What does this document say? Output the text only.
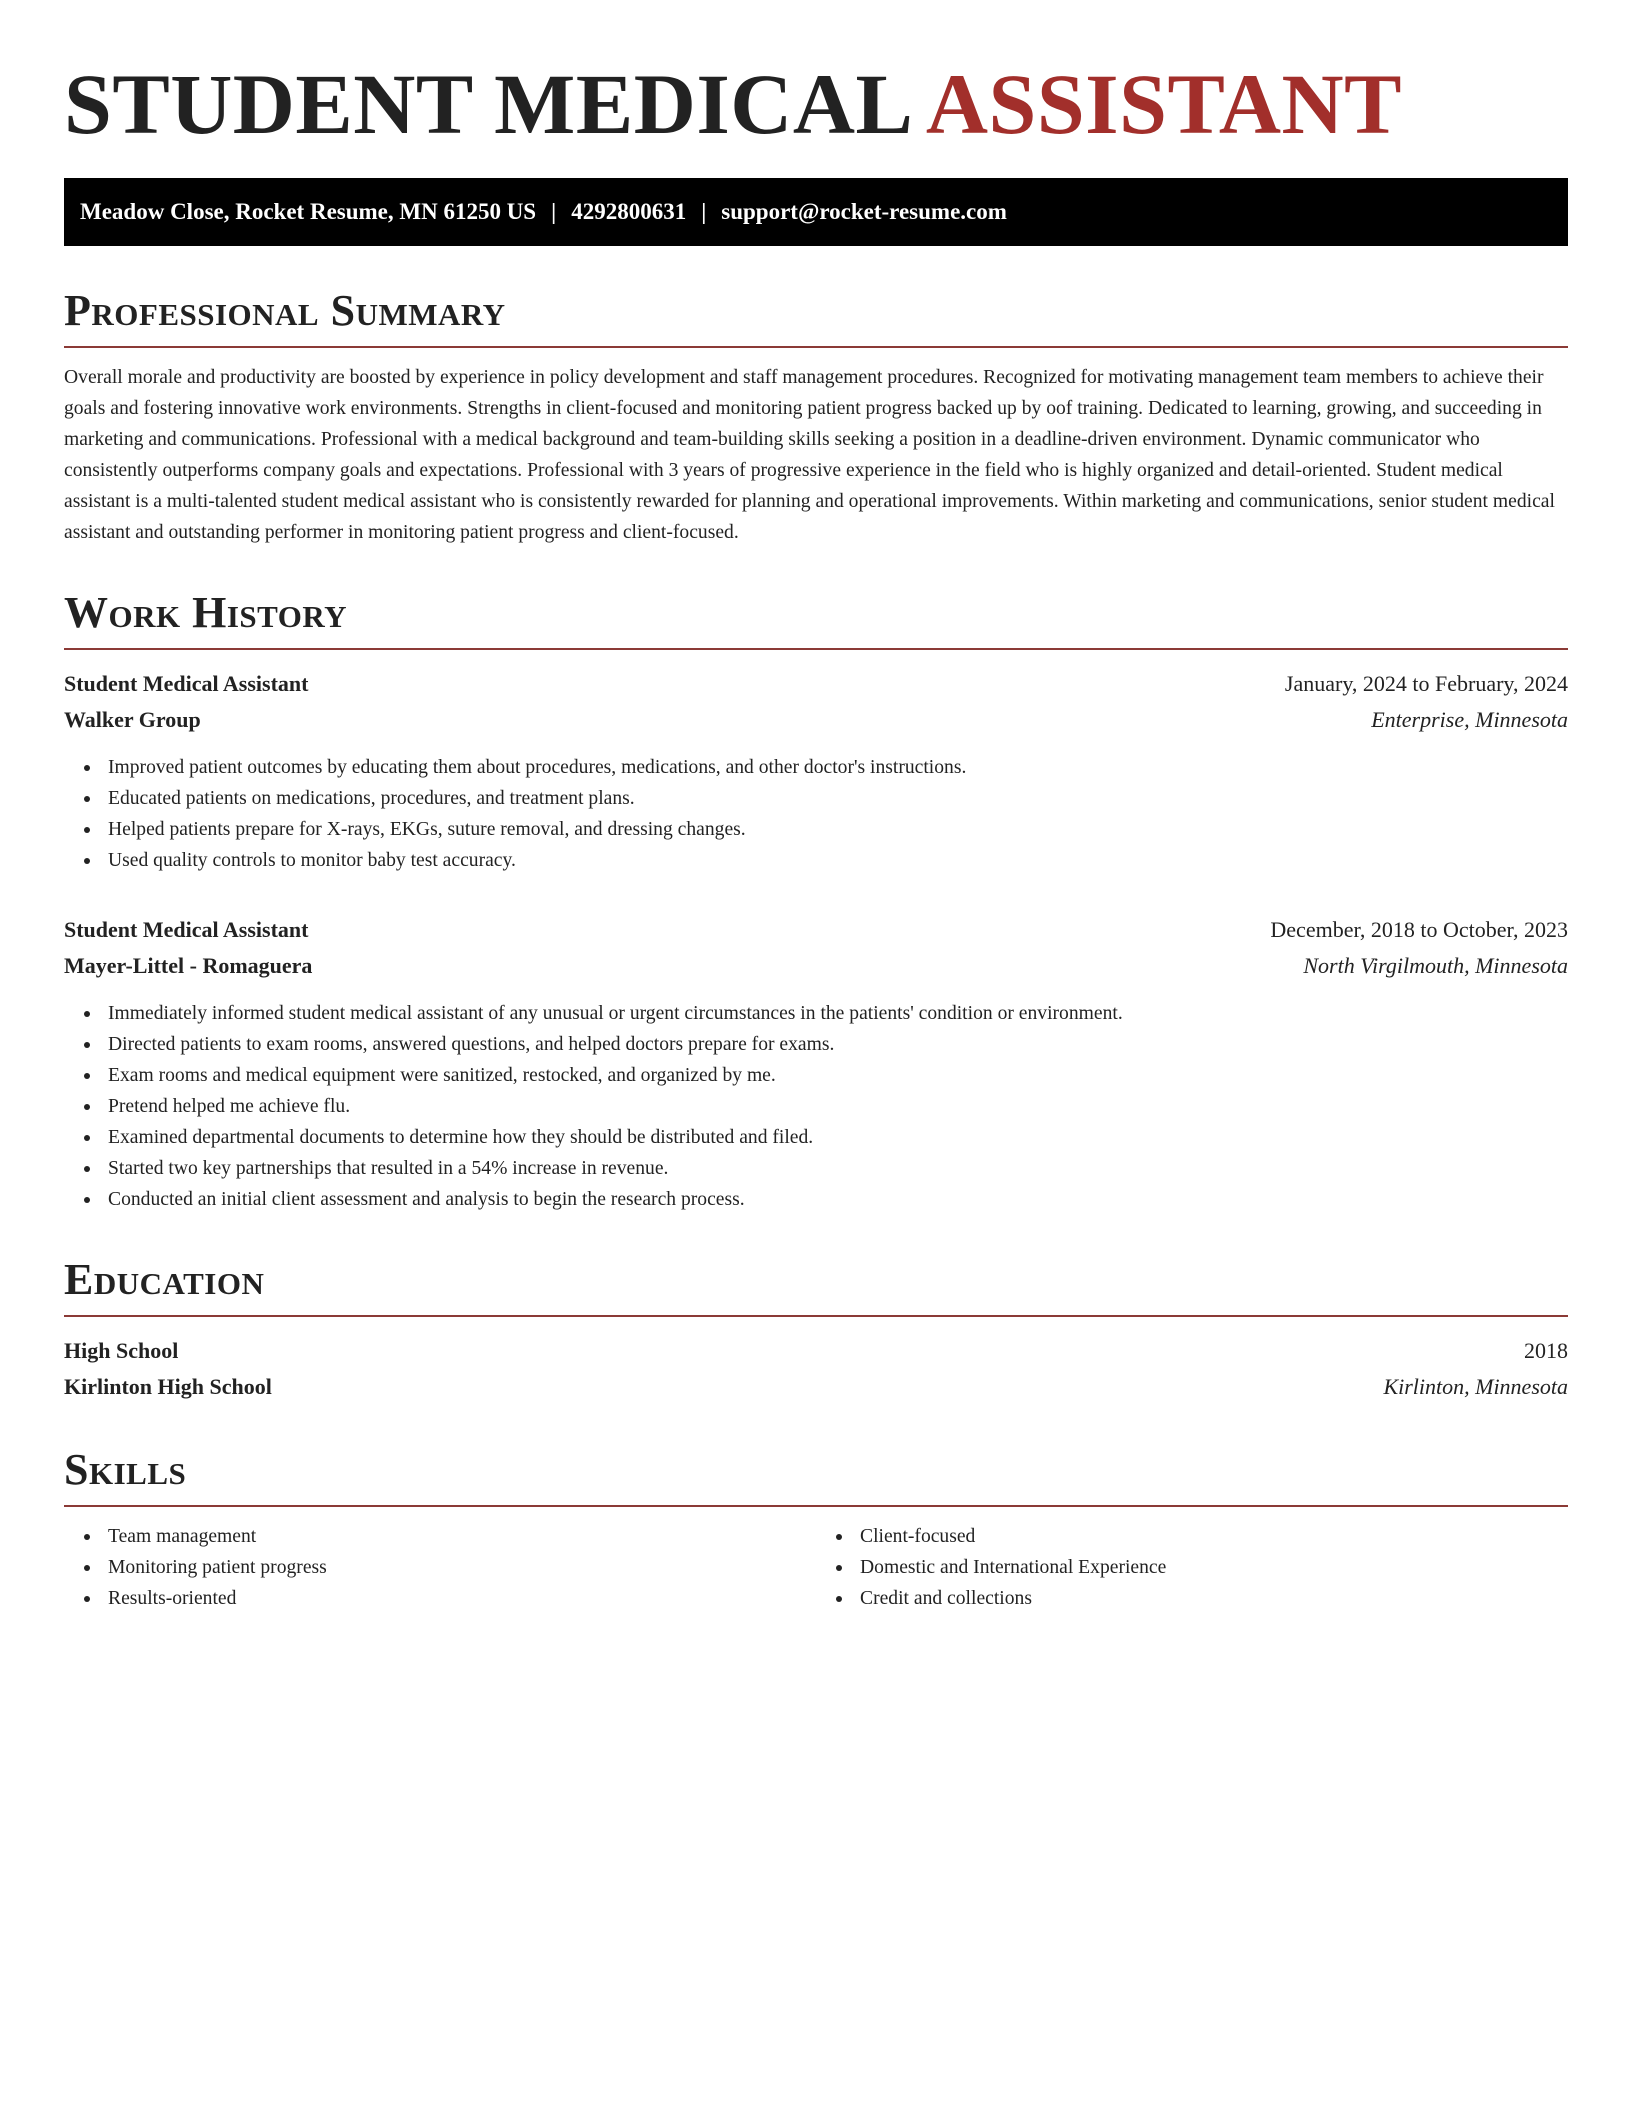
STUDENT MEDICAL ASSISTANT
Meadow Close, Rocket Resume, MN 61250 US | 4292800631 | support@rocket-resume.com
Professional Summary

Overall morale and productivity are boosted by experience in policy development and staff management procedures. Recognized for motivating management team members to achieve their goals and fostering innovative work environments. Strengths in client-focused and monitoring patient progress backed up by oof training. Dedicated to learning, growing, and succeeding in marketing and communications. Professional with a medical background and team-building skills seeking a position in a deadline-driven environment. Dynamic communicator who consistently outperforms company goals and expectations. Professional with 3 years of progressive experience in the field who is highly organized and detail-oriented. Student medical assistant is a multi-talented student medical assistant who is consistently rewarded for planning and operational improvements. Within marketing and communications, senior student medical assistant and outstanding performer in monitoring patient progress and client-focused.

Work History
Student Medical Assistant	January, 2024 to February, 2024
Walker Group	Enterprise, Minnesota
Improved patient outcomes by educating them about procedures, medications, and other doctor's instructions.
Educated patients on medications, procedures, and treatment plans.
Helped patients prepare for X-rays, EKGs, suture removal, and dressing changes.
Used quality controls to monitor baby test accuracy.
Student Medical Assistant	December, 2018 to October, 2023
Mayer-Littel - Romaguera	North Virgilmouth, Minnesota
Immediately informed student medical assistant of any unusual or urgent circumstances in the patients' condition or environment.
Directed patients to exam rooms, answered questions, and helped doctors prepare for exams.
Exam rooms and medical equipment were sanitized, restocked, and organized by me.
Pretend helped me achieve flu.
Examined departmental documents to determine how they should be distributed and filed.
Started two key partnerships that resulted in a 54% increase in revenue.
Conducted an initial client assessment and analysis to begin the research process.
Education
High School	2018
Kirlinton High School	Kirlinton, Minnesota
Skills
Team management
Monitoring patient progress
Results-oriented
Client-focused
Domestic and International Experience
Credit and collections
